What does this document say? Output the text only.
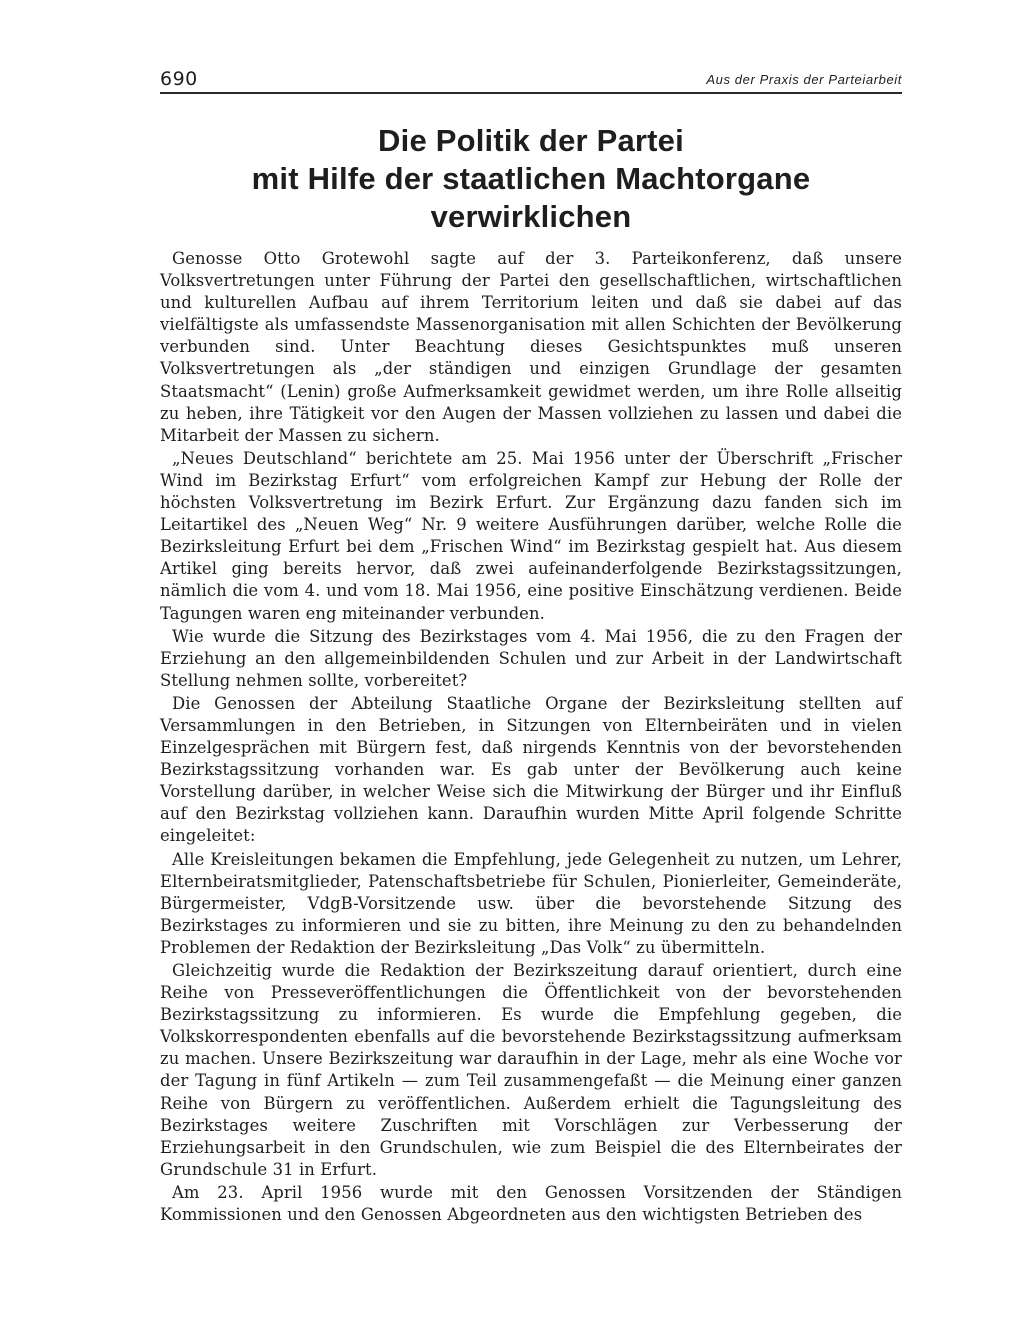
690	Aus der Praxis der Parteiarbeit
Die Politik der Partei
mit Hilfe der staatlichen Machtorgane verwirklichen

Genosse Otto Grotewohl sagte auf der 3. Parteikonferenz, daß unsere Volksvertretungen unter Führung der Partei den gesellschaftlichen, wirtschaftlichen und kulturellen Aufbau auf ihrem Territorium leiten und daß sie dabei auf das vielfältigste als umfassendste Massenorganisation mit allen Schichten der Bevölkerung verbunden sind. Unter Beachtung dieses Gesichtspunktes muß unseren Volksvertretungen als „der ständigen und einzigen Grundlage der gesamten Staatsmacht“ (Lenin) große Aufmerksamkeit gewidmet werden, um ihre Rolle allseitig zu heben, ihre Tätigkeit vor den Augen der Massen vollziehen zu lassen und dabei die Mitarbeit der Massen zu sichern.

„Neues Deutschland“ berichtete am 25. Mai 1956 unter der Überschrift „Frischer Wind im Bezirkstag Erfurt“ vom erfolgreichen Kampf zur Hebung der Rolle der höchsten Volksvertretung im Bezirk Erfurt. Zur Ergänzung dazu fanden sich im Leitartikel des „Neuen Weg“ Nr. 9 weitere Ausführungen darüber, welche Rolle die Bezirksleitung Erfurt bei dem „Frischen Wind“ im Bezirkstag gespielt hat. Aus diesem Artikel ging bereits hervor, daß zwei aufeinanderfolgende Bezirkstagssitzungen, nämlich die vom 4. und vom 18. Mai 1956, eine positive Einschätzung verdienen. Beide Tagungen waren eng miteinander verbunden.

Wie wurde die Sitzung des Bezirkstages vom 4. Mai 1956, die zu den Fragen der Erziehung an den allgemeinbildenden Schulen und zur Arbeit in der Landwirtschaft Stellung nehmen sollte, vorbereitet?

Die Genossen der Abteilung Staatliche Organe der Bezirksleitung stellten auf Versammlungen in den Betrieben, in Sitzungen von Elternbeiräten und in vielen Einzelgesprächen mit Bürgern fest, daß nirgends Kenntnis von der bevorstehenden Bezirkstagssitzung vorhanden war. Es gab unter der Bevölkerung auch keine Vorstellung darüber, in welcher Weise sich die Mitwirkung der Bürger und ihr Einfluß auf den Bezirkstag vollziehen kann. Daraufhin wurden Mitte April folgende Schritte eingeleitet:

Alle Kreisleitungen bekamen die Empfehlung, jede Gelegenheit zu nutzen, um Lehrer, Elternbeiratsmitglieder, Patenschaftsbetriebe für Schulen, Pionierleiter, Gemeinderäte, Bürgermeister, VdgB-Vorsitzende usw. über die bevorstehende Sitzung des Bezirkstages zu informieren und sie zu bitten, ihre Meinung zu den zu behandelnden Problemen der Redaktion der Bezirksleitung „Das Volk“ zu übermitteln.

Gleichzeitig wurde die Redaktion der Bezirkszeitung darauf orientiert, durch eine Reihe von Presseveröffentlichungen die Öffentlichkeit von der bevorstehenden Bezirkstagssitzung zu informieren. Es wurde die Empfehlung gegeben, die Volkskorrespondenten ebenfalls auf die bevorstehende Bezirkstagssitzung aufmerksam zu machen. Unsere Bezirkszeitung war daraufhin in der Lage, mehr als eine Woche vor der Tagung in fünf Artikeln — zum Teil zusammengefaßt — die Meinung einer ganzen Reihe von Bürgern zu veröffentlichen. Außerdem erhielt die Tagungsleitung des Bezirkstages weitere Zuschriften mit Vorschlägen zur Verbesserung der Erziehungsarbeit in den Grundschulen, wie zum Beispiel die des Elternbeirates der Grundschule 31 in Erfurt.

Am 23. April 1956 wurde mit den Genossen Vorsitzenden der Ständigen Kommissionen und den Genossen Abgeordneten aus den wichtigsten Betrieben des
